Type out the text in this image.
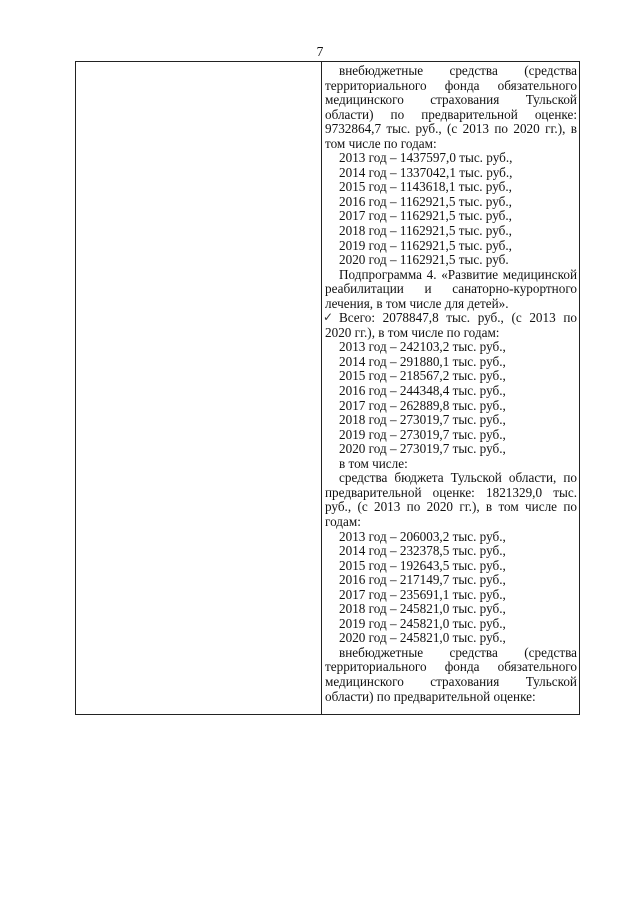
7

внебюджетные средства (средства территориального фонда обязательного медицинского страхования Тульской области) по предварительной оценке: 9732864,7 тыс. руб., (с 2013 по 2020 гг.), в том числе по годам:

2013 год – 1437597,0 тыс. руб.,
2014 год – 1337042,1 тыс. руб.,
2015 год – 1143618,1 тыс. руб.,
2016 год – 1162921,5 тыс. руб.,
2017 год – 1162921,5 тыс. руб.,
2018 год – 1162921,5 тыс. руб.,
2019 год – 1162921,5 тыс. руб.,
2020 год – 1162921,5 тыс. руб.

Подпрограмма 4. «Развитие медицинской реабилитации и санаторно-курортного лечения, в том числе для детей».

✓ Всего: 2078847,8 тыс. руб., (с 2013 по 2020 гг.), в том числе по годам:

2013 год – 242103,2 тыс. руб.,
2014 год – 291880,1 тыс. руб.,
2015 год – 218567,2 тыс. руб.,
2016 год – 244348,4 тыс. руб.,
2017 год – 262889,8 тыс. руб.,
2018 год – 273019,7 тыс. руб.,
2019 год – 273019,7 тыс. руб.,
2020 год – 273019,7 тыс. руб.,
в том числе:

средства бюджета Тульской области, по предварительной оценке: 1821329,0 тыс. руб., (с 2013 по 2020 гг.), в том числе по годам:

2013 год – 206003,2 тыс. руб.,
2014 год – 232378,5 тыс. руб.,
2015 год – 192643,5 тыс. руб.,
2016 год – 217149,7 тыс. руб.,
2017 год – 235691,1 тыс. руб.,
2018 год – 245821,0 тыс. руб.,
2019 год – 245821,0 тыс. руб.,
2020 год – 245821,0 тыс. руб.,

внебюджетные средства (средства территориального фонда обязательного медицинского страхования Тульской области) по предварительной оценке:
